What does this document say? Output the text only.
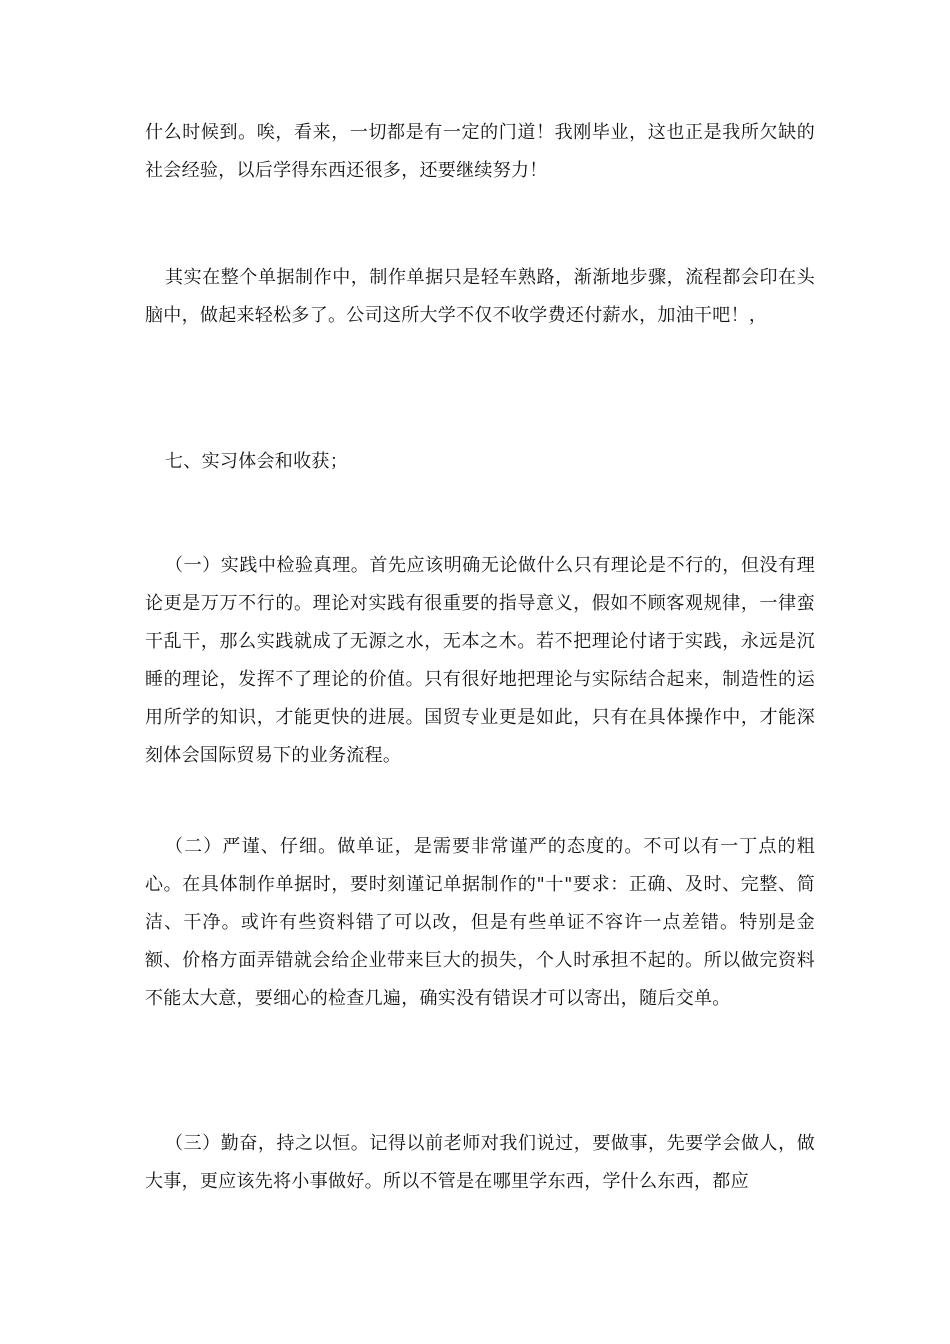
什么时候到。唉，看来，一切都是有一定的门道！我刚毕业，这也正是我所欠缺的社会经验，以后学得东西还很多，还要继续努力！

其实在整个单据制作中，制作单据只是轻车熟路，渐渐地步骤，流程都会印在头脑中，做起来轻松多了。公司这所大学不仅不收学费还付薪水，加油干吧！，

七、实习体会和收获；

（一）实践中检验真理。首先应该明确无论做什么只有理论是不行的，但没有理论更是万万不行的。理论对实践有很重要的指导意义，假如不顾客观规律，一律蛮干乱干，那么实践就成了无源之水，无本之木。若不把理论付诸于实践，永远是沉睡的理论，发挥不了理论的价值。只有很好地把理论与实际结合起来，制造性的运用所学的知识，才能更快的进展。国贸专业更是如此，只有在具体操作中，才能深刻体会国际贸易下的业务流程。

（二）严谨、仔细。做单证，是需要非常谨严的态度的。不可以有一丁点的粗心。在具体制作单据时，要时刻谨记单据制作的"十"要求：正确、及时、完整、简洁、干净。或许有些资料错了可以改，但是有些单证不容许一点差错。特别是金额、价格方面弄错就会给企业带来巨大的损失，个人时承担不起的。所以做完资料不能太大意，要细心的检查几遍，确实没有错误才可以寄出，随后交单。

（三）勤奋，持之以恒。记得以前老师对我们说过，要做事，先要学会做人，做大事，更应该先将小事做好。所以不管是在哪里学东西，学什么东西，都应
